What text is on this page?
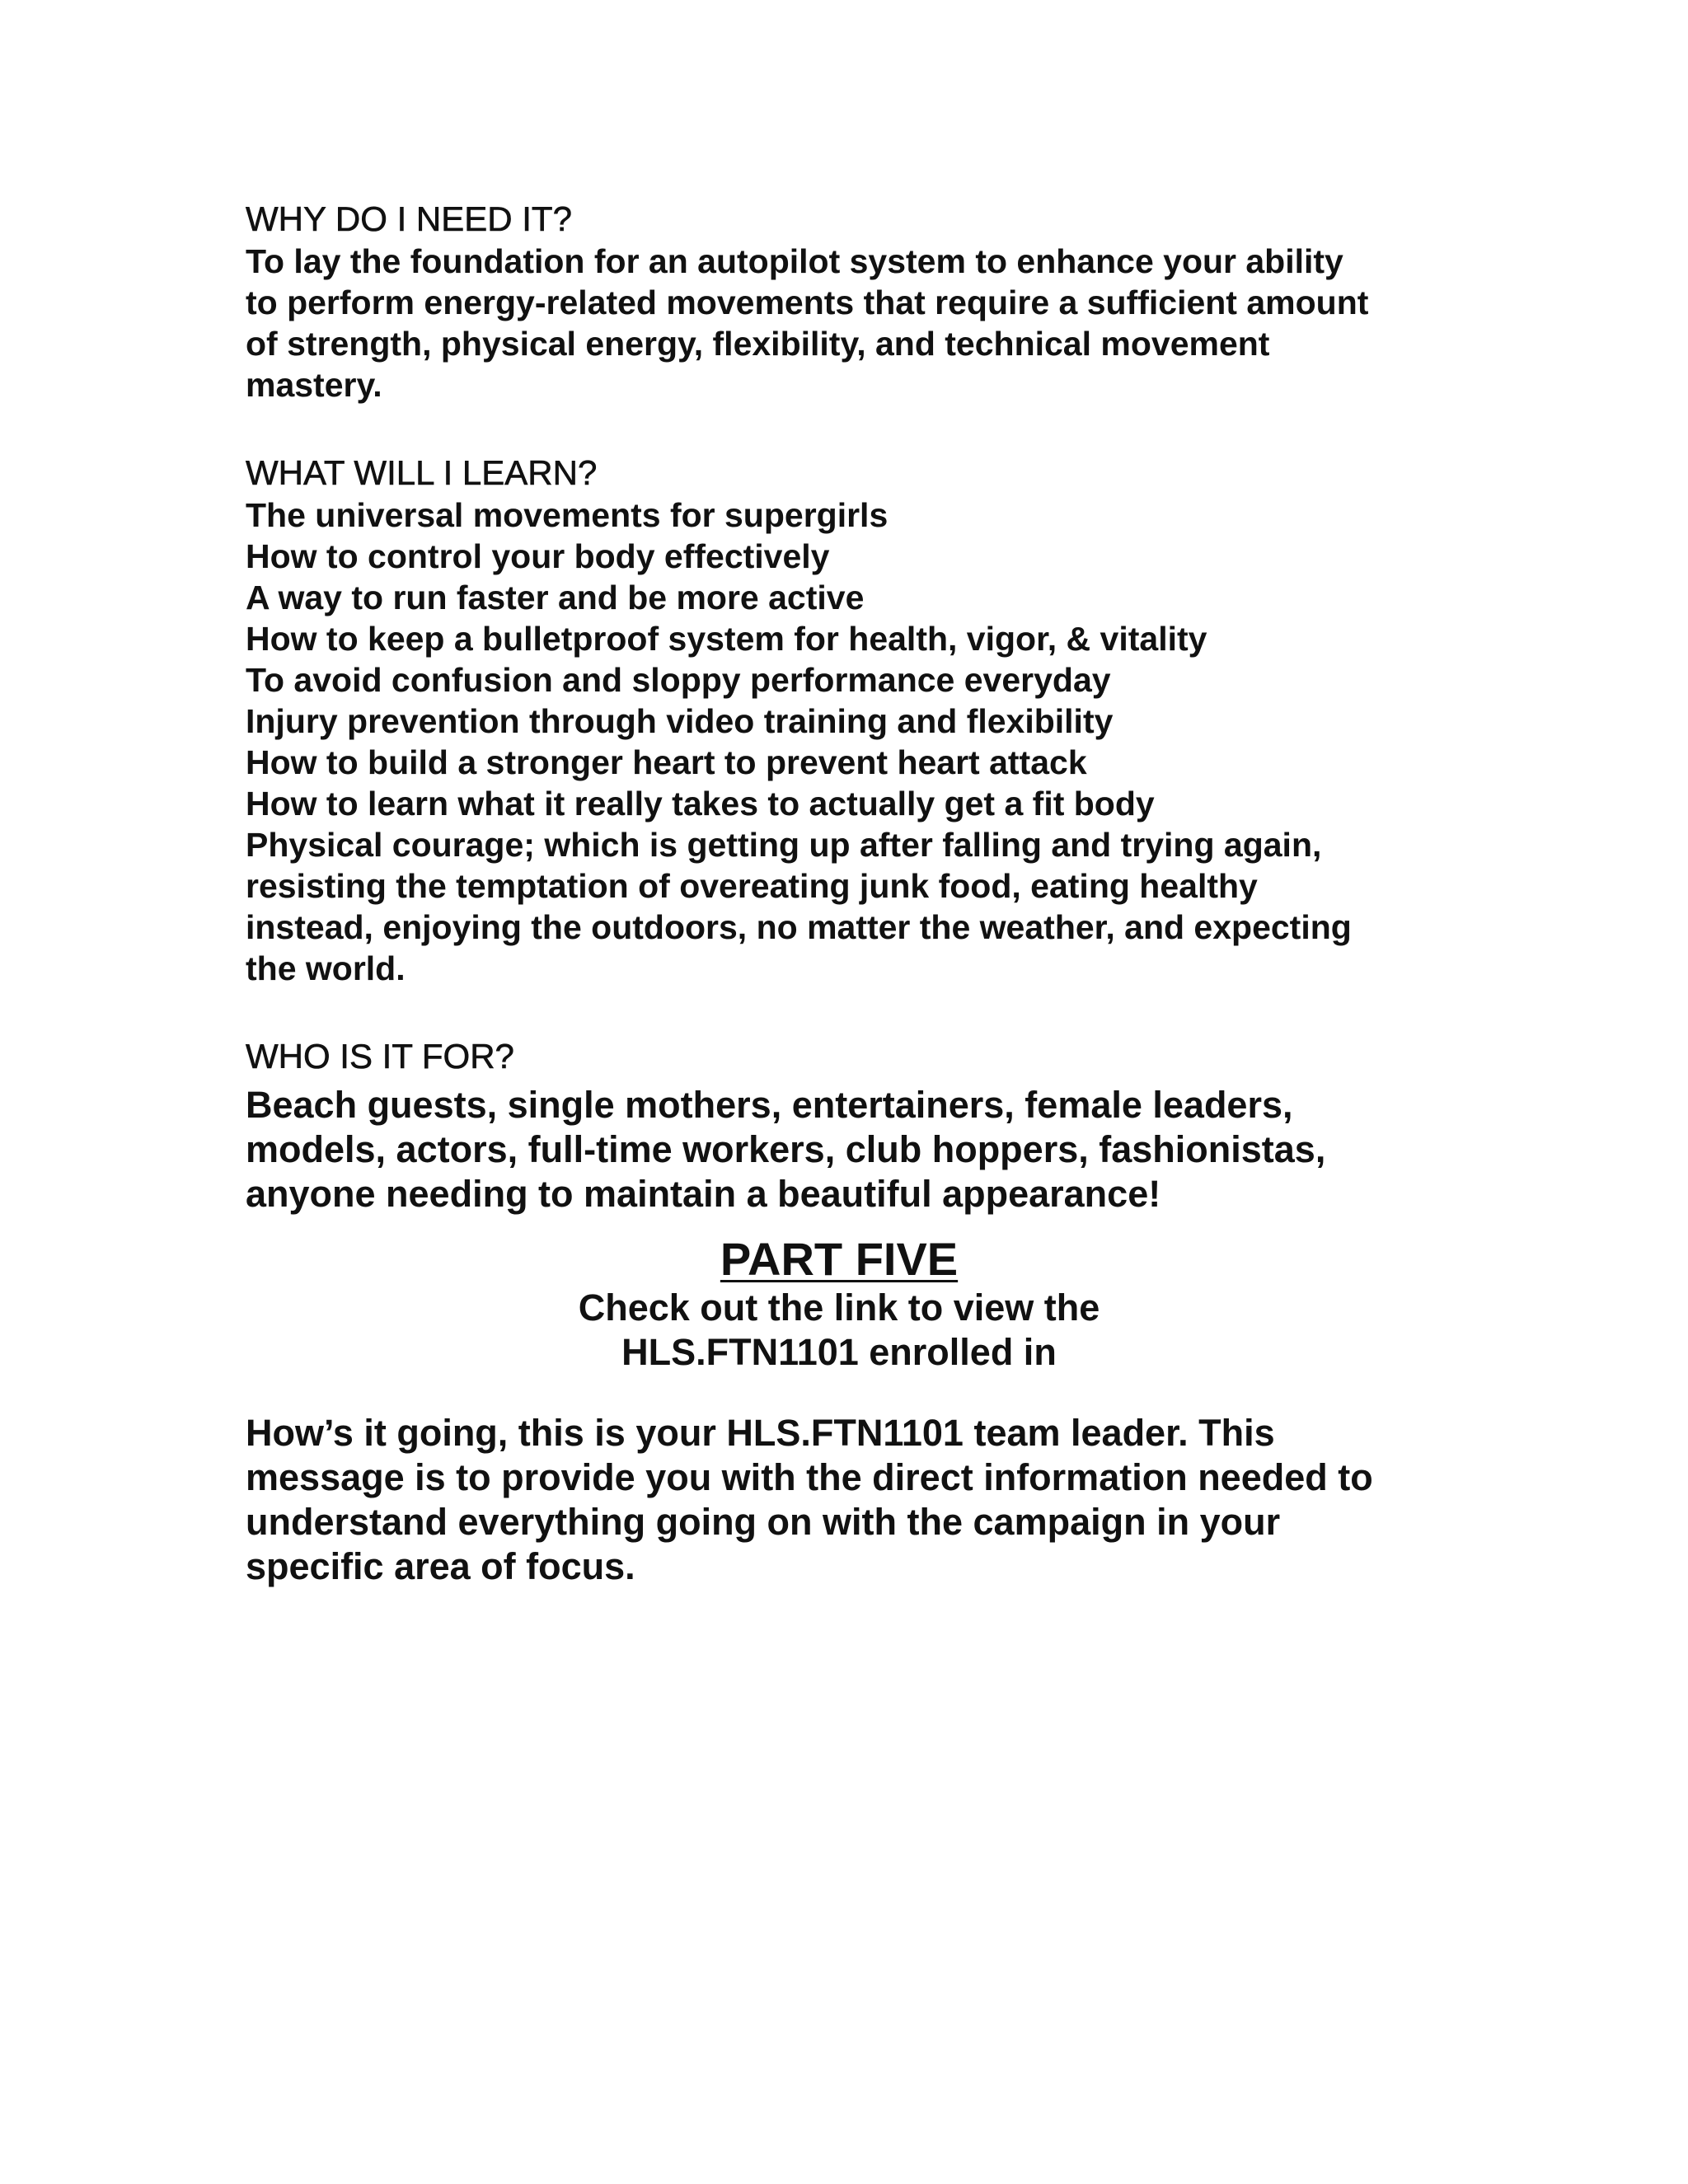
WHY DO I NEED IT?

To lay the foundation for an autopilot system to enhance your ability

to perform energy-related movements that require a sufficient amount

of strength, physical energy, flexibility, and technical movement

mastery.

WHAT WILL I LEARN?
The universal movements for supergirls
How to control your body effectively
A way to run faster and be more active
How to keep a bulletproof system for health, vigor, & vitality
To avoid confusion and sloppy performance everyday
Injury prevention through video training and flexibility
How to build a stronger heart to prevent heart attack
How to learn what it really takes to actually get a fit body

Physical courage; which is getting up after falling and trying again,

resisting the temptation of overeating junk food, eating healthy

instead, enjoying the outdoors, no matter the weather, and expecting

the world.

WHO IS IT FOR?

Beach guests, single mothers, entertainers, female leaders,

models, actors, full-time workers, club hoppers, fashionistas,

anyone needing to maintain a beautiful appearance!

PART FIVE

Check out the link to view the

HLS.FTN1101 enrolled in

How’s it going, this is your HLS.FTN1101 team leader. This

message is to provide you with the direct information needed to

understand everything going on with the campaign in your

specific area of focus.
